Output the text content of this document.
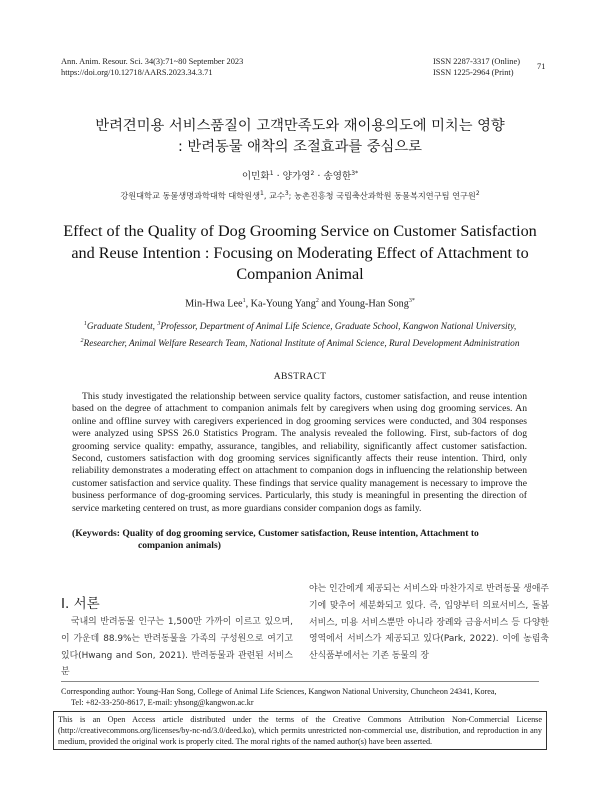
Ann. Anim. Resour. Sci. 34(3):71~80 September 2023
https://doi.org/10.12718/AARS.2023.34.3.71
ISSN 2287-3317 (Online)
ISSN 1225-2964 (Print)
71
반려견미용 서비스품질이 고객만족도와 재이용의도에 미치는 영향
: 반려동물 애착의 조절효과를 중심으로
이민화$^1$ · 양가영$^2$ · 송영한$^{3*}$
강원대학교 동물생명과학대학 대학원생$^1$, 교수$^3$; 농촌진흥청 국립축산과학원 동물복지연구팀 연구원$^2$
Effect of the Quality of Dog Grooming Service on Customer Satisfaction
and Reuse Intention : Focusing on Moderating Effect of Attachment to
Companion Animal
Min-Hwa Lee$^1$, Ka-Young Yang$^2$ and Young-Han Song$^{3*}$
$^1$Graduate Student, $^3$Professor, Department of Animal Life Science, Graduate School, Kangwon National University,
$^2$Researcher, Animal Welfare Research Team, National Institute of Animal Science, Rural Development Administration
ABSTRACT

This study investigated the relationship between service quality factors, customer satisfaction, and reuse intention based on the degree of attachment to companion animals felt by caregivers when using dog grooming services. An online and offline survey with caregivers experienced in dog grooming services were conducted, and 304 responses were analyzed using SPSS 26.0 Statistics Program. The analysis revealed the following. First, sub-factors of dog grooming service quality: empathy, assurance, tangibles, and reliability, significantly affect customer satisfaction. Second, customers satisfaction with dog grooming services significantly affects their reuse intention. Third, only reliability demonstrates a moderating effect on attachment to companion dogs in influencing the relationship between customer satisfaction and service quality. These findings that service quality management is necessary to improve the business performance of dog-grooming services. Particularly, this study is meaningful in presenting the direction of service marketing centered on trust, as more guardians consider companion dogs as family.

(Keywords: Quality of dog grooming service, Customer satisfaction, Reuse intention, Attachment to
companion animals)
Ⅰ. 서론
국내의 반려동물 인구는 1,500만 가까이 이르고 있으며, 이 가운데 88.9%는 반려동물을 가족의 구성원으로 여기고 있다(Hwang and Son, 2021). 반려동물과 관련된 서비스분
야는 인간에게 제공되는 서비스와 마찬가지로 반려동물 생애주기에 맞추어 세분화되고 있다. 즉, 입양부터 의료서비스, 돌봄 서비스, 미용 서비스뿐만 아니라 장례와 금융서비스 등 다양한 영역에서 서비스가 제공되고 있다(Park, 2022). 이에 농림축산식품부에서는 기존 동물의 장
Corresponding author: Young-Han Song, College of Animal Life Sciences, Kangwon National University, Chuncheon 24341, Korea,
Tel: +82-33-250-8617, E-mail: yhsong@kangwon.ac.kr
This is an Open Access article distributed under the terms of the Creative Commons Attribution Non-Commercial License (http://creativecommons.org/licenses/by-nc-nd/3.0/deed.ko), which permits unrestricted non-commercial use, distribution, and reproduction in any medium, provided the original work is properly cited. The moral rights of the named author(s) have been asserted.
